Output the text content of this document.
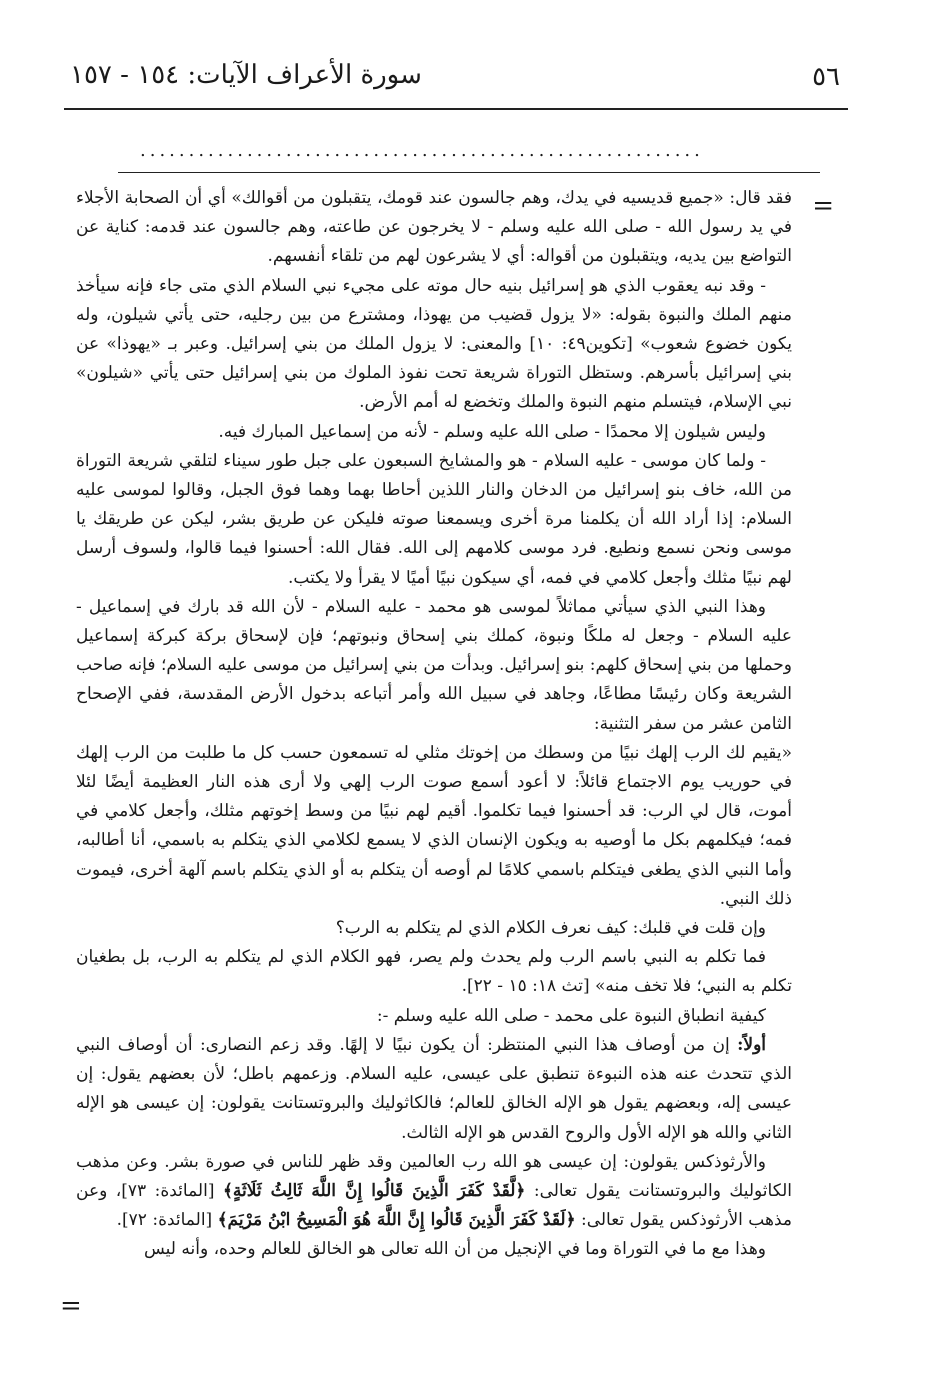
٥٦
سورة الأعراف الآيات: ١٥٤ - ١٥٧
..........................................................
=
=

فقد قال: «جميع قديسيه في يدك، وهم جالسون عند قومك، يتقبلون من أقوالك» أي أن الصحابة الأجلاء في يد رسول الله - صلى الله عليه وسلم - لا يخرجون عن طاعته، وهم جالسون عند قدمه: كناية عن التواضع بين يديه، ويتقبلون من أقواله: أي لا يشرعون لهم من تلقاء أنفسهم.

- وقد نبه يعقوب الذي هو إسرائيل بنيه حال موته على مجيء نبي السلام الذي متى جاء فإنه سيأخذ منهم الملك والنبوة بقوله: «لا يزول قضيب من يهوذا، ومشترع من بين رجليه، حتى يأتي شيلون، وله يكون خضوع شعوب» [تكوين٤٩: ١٠] والمعنى: لا يزول الملك من بني إسرائيل. وعبر بـ «يهوذا» عن بني إسرائيل بأسرهم. وستظل التوراة شريعة تحت نفوذ الملوك من بني إسرائيل حتى يأتي «شيلون» نبي الإسلام، فيتسلم منهم النبوة والملك وتخضع له أمم الأرض.

وليس شيلون إلا محمدًا - صلى الله عليه وسلم - لأنه من إسماعيل المبارك فيه.

- ولما كان موسى - عليه السلام - هو والمشايخ السبعون على جبل طور سيناء لتلقي شريعة التوراة من الله، خاف بنو إسرائيل من الدخان والنار اللذين أحاطا بهما وهما فوق الجبل، وقالوا لموسى عليه السلام: إذا أراد الله أن يكلمنا مرة أخرى ويسمعنا صوته فليكن عن طريق بشر، ليكن عن طريقك يا موسى ونحن نسمع ونطيع. فرد موسى كلامهم إلى الله. فقال الله: أحسنوا فيما قالوا، ولسوف أرسل لهم نبيًا مثلك وأجعل كلامي في فمه، أي سيكون نبيًا أميًا لا يقرأ ولا يكتب.

وهذا النبي الذي سيأتي مماثلاً لموسى هو محمد - عليه السلام - لأن الله قد بارك في إسماعيل - عليه السلام - وجعل له ملكًا ونبوة، كملك بني إسحاق ونبوتهم؛ فإن لإسحاق بركة كبركة إسماعيل وحملها من بني إسحاق كلهم: بنو إسرائيل. وبدأت من بني إسرائيل من موسى عليه السلام؛ فإنه صاحب الشريعة وكان رئيسًا مطاعًا، وجاهد في سبيل الله وأمر أتباعه بدخول الأرض المقدسة، ففي الإصحاح الثامن عشر من سفر التثنية:

«يقيم لك الرب إلهك نبيًا من وسطك من إخوتك مثلي له تسمعون حسب كل ما طلبت من الرب إلهك في حوريب يوم الاجتماع قائلاً: لا أعود أسمع صوت الرب إلهي ولا أرى هذه النار العظيمة أيضًا لئلا أموت، قال لي الرب: قد أحسنوا فيما تكلموا. أقيم لهم نبيًا من وسط إخوتهم مثلك، وأجعل كلامي في فمه؛ فيكلمهم بكل ما أوصيه به ويكون الإنسان الذي لا يسمع لكلامي الذي يتكلم به باسمي، أنا أطالبه، وأما النبي الذي يطغى فيتكلم باسمي كلامًا لم أوصه أن يتكلم به أو الذي يتكلم باسم آلهة أخرى، فيموت ذلك النبي.

وإن قلت في قلبك: كيف نعرف الكلام الذي لم يتكلم به الرب؟

فما تكلم به النبي باسم الرب ولم يحدث ولم يصر، فهو الكلام الذي لم يتكلم به الرب، بل بطغيان تكلم به النبي؛ فلا تخف منه» [تث ١٨: ١٥ - ٢٢].

كيفية انطباق النبوة على محمد - صلى الله عليه وسلم -:

أولاً: إن من أوصاف هذا النبي المنتظر: أن يكون نبيًا لا إلهًا. وقد زعم النصارى: أن أوصاف النبي الذي تتحدث عنه هذه النبوءة تنطبق على عيسى، عليه السلام. وزعمهم باطل؛ لأن بعضهم يقول: إن عيسى إله، وبعضهم يقول هو الإله الخالق للعالم؛ فالكاثوليك والبروتستانت يقولون: إن عيسى هو الإله الثاني والله هو الإله الأول والروح القدس هو الإله الثالث.

والأرثوذكس يقولون: إن عيسى هو الله رب العالمين وقد ظهر للناس في صورة بشر. وعن مذهب الكاثوليك والبروتستانت يقول تعالى: ﴿لَّقَدْ كَفَرَ الَّذِينَ قَالُوا إِنَّ اللَّهَ ثَالِثُ ثَلَاثَةٍ﴾ [المائدة: ٧٣]، وعن مذهب الأرثوذكس يقول تعالى: ﴿لَقَدْ كَفَرَ الَّذِينَ قَالُوا إِنَّ اللَّهَ هُوَ الْمَسِيحُ ابْنُ مَرْيَمَ﴾ [المائدة: ٧٢].

وهذا مع ما في التوراة وما في الإنجيل من أن الله تعالى هو الخالق للعالم وحده، وأنه ليس
